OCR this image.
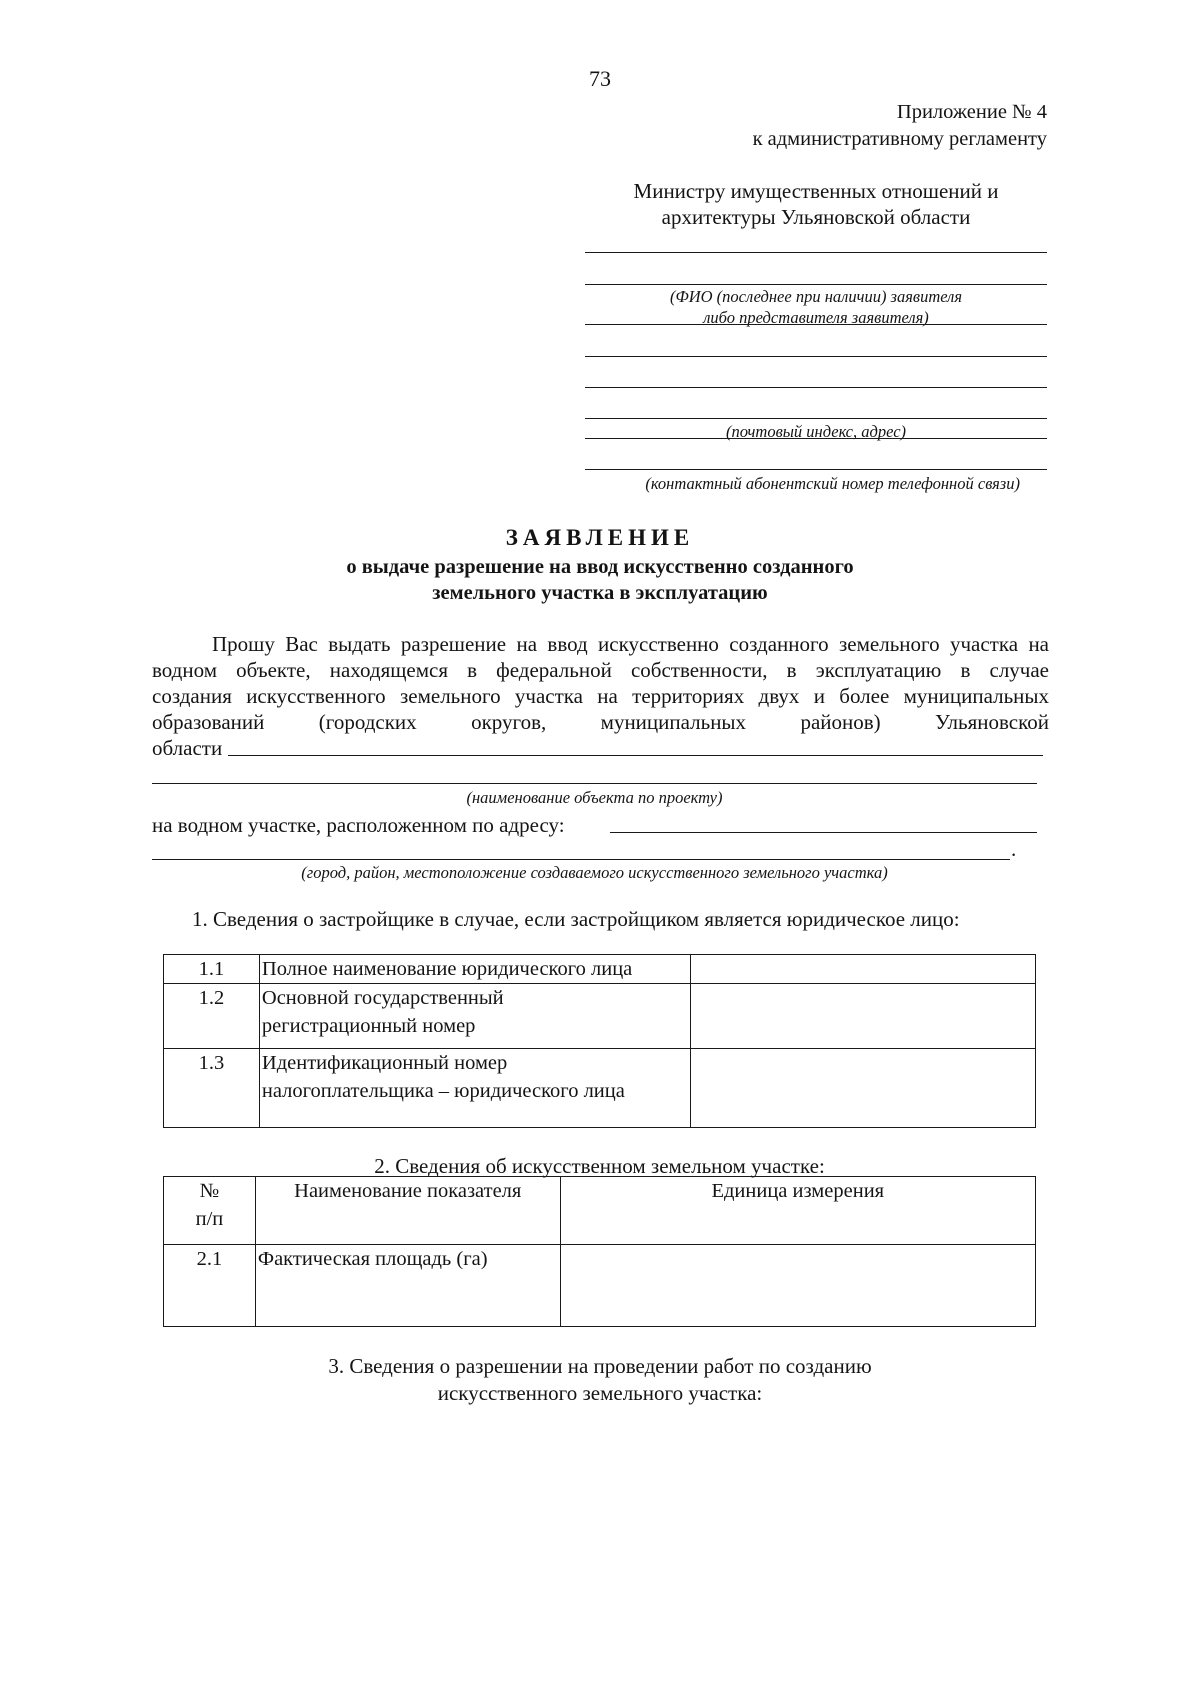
73
Приложение № 4
к административному регламенту
Министру имущественных отношений и
архитектуры Ульяновской области
(ФИО (последнее при наличии) заявителя
либо представителя заявителя)
(почтовый индекс, адрес)
(контактный абонентский номер телефонной связи)
ЗАЯВЛЕНИЕ
о выдаче разрешение на ввод искусственно созданного
земельного участка в эксплуатацию
Прошу Вас выдать разрешение на ввод искусственно созданного земельного участка на
водном объекте, находящемся в федеральной собственности, в эксплуатацию в случае
создания искусственного земельного участка на территориях двух и более муниципальных
образований	(городских	округов,	муниципальных	районов)	Ульяновской
области
(наименование объекта по проекту)
на водном участке, расположенном по адресу:
.
(город, район, местоположение создаваемого искусственного земельного участка)
1. Сведения о застройщике в случае, если застройщиком является юридическое лицо:
1.1	Полное наименование юридического лица	
1.2	Основной государственный
регистрационный номер	

1.3	Идентификационный номер
налогоплательщика – юридического лица	

2. Сведения об искусственном земельном участке:
№
п/п	Наименование показателя	Единица измерения
2.1	Фактическая площадь (га)	
3. Сведения о разрешении на проведении работ по созданию
искусственного земельного участка:
